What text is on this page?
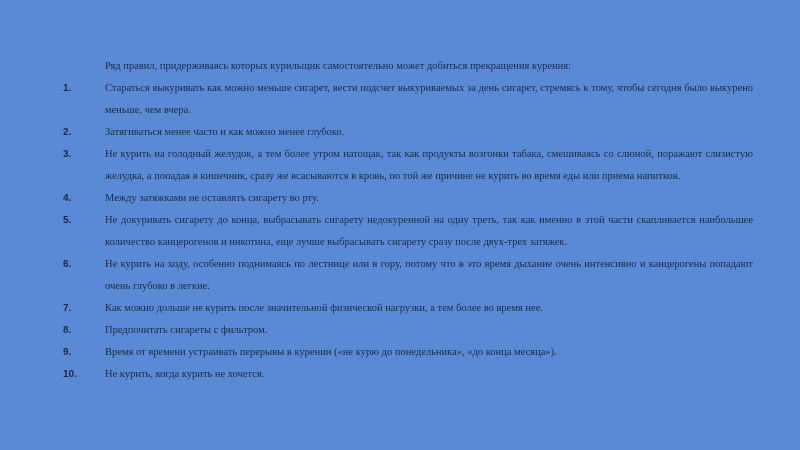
Ряд правил, придерживаясь которых курильщик самостоятельно может добиться прекращения курения:

1.	Стараться выкуривать как можно меньше сигарет, вести подсчет выкуриваемых за день сигарет, стремясь к тому, чтобы сегодня было выкурено меньше, чем вчера.
2.	Затягиваться менее часто и как можно менее глубоко.
3.	Не курить на голодный желудок, а тем более утром натощак, так как продукты возгонки табака, смешиваясь со слюной, поражают слизистую желудка, а попадая в кишечник, сразу же всасываются в кровь, по той же причине не курить во время еды или приема напитков.
4.	Между затяжками не оставлять сигарету во рту.
5.	Не докуривать сигарету до конца, выбрасывать сигарету недокуренной на одну треть, так как именно в этой части скапливается наибольшее количество канцерогенов и никотина, еще лучше выбрасывать сигарету сразу после двух-трех затяжек.
6.	Не курить на ходу, особенно поднимаясь по лестнице или в гору, потому что в это время дыхание очень интенсивно и канцерогены попадают очень глубоко в легкие.
7.	Как можно дольше не курить после значительной физической нагрузки, а тем более во время нее.
8.	Предпочитать сигареты с фильтром.
9.	Время от времени устраивать перерывы в курении («не курю до понедельника», «до конца месяца»).
10.	Не курить, когда курить не хочется.
